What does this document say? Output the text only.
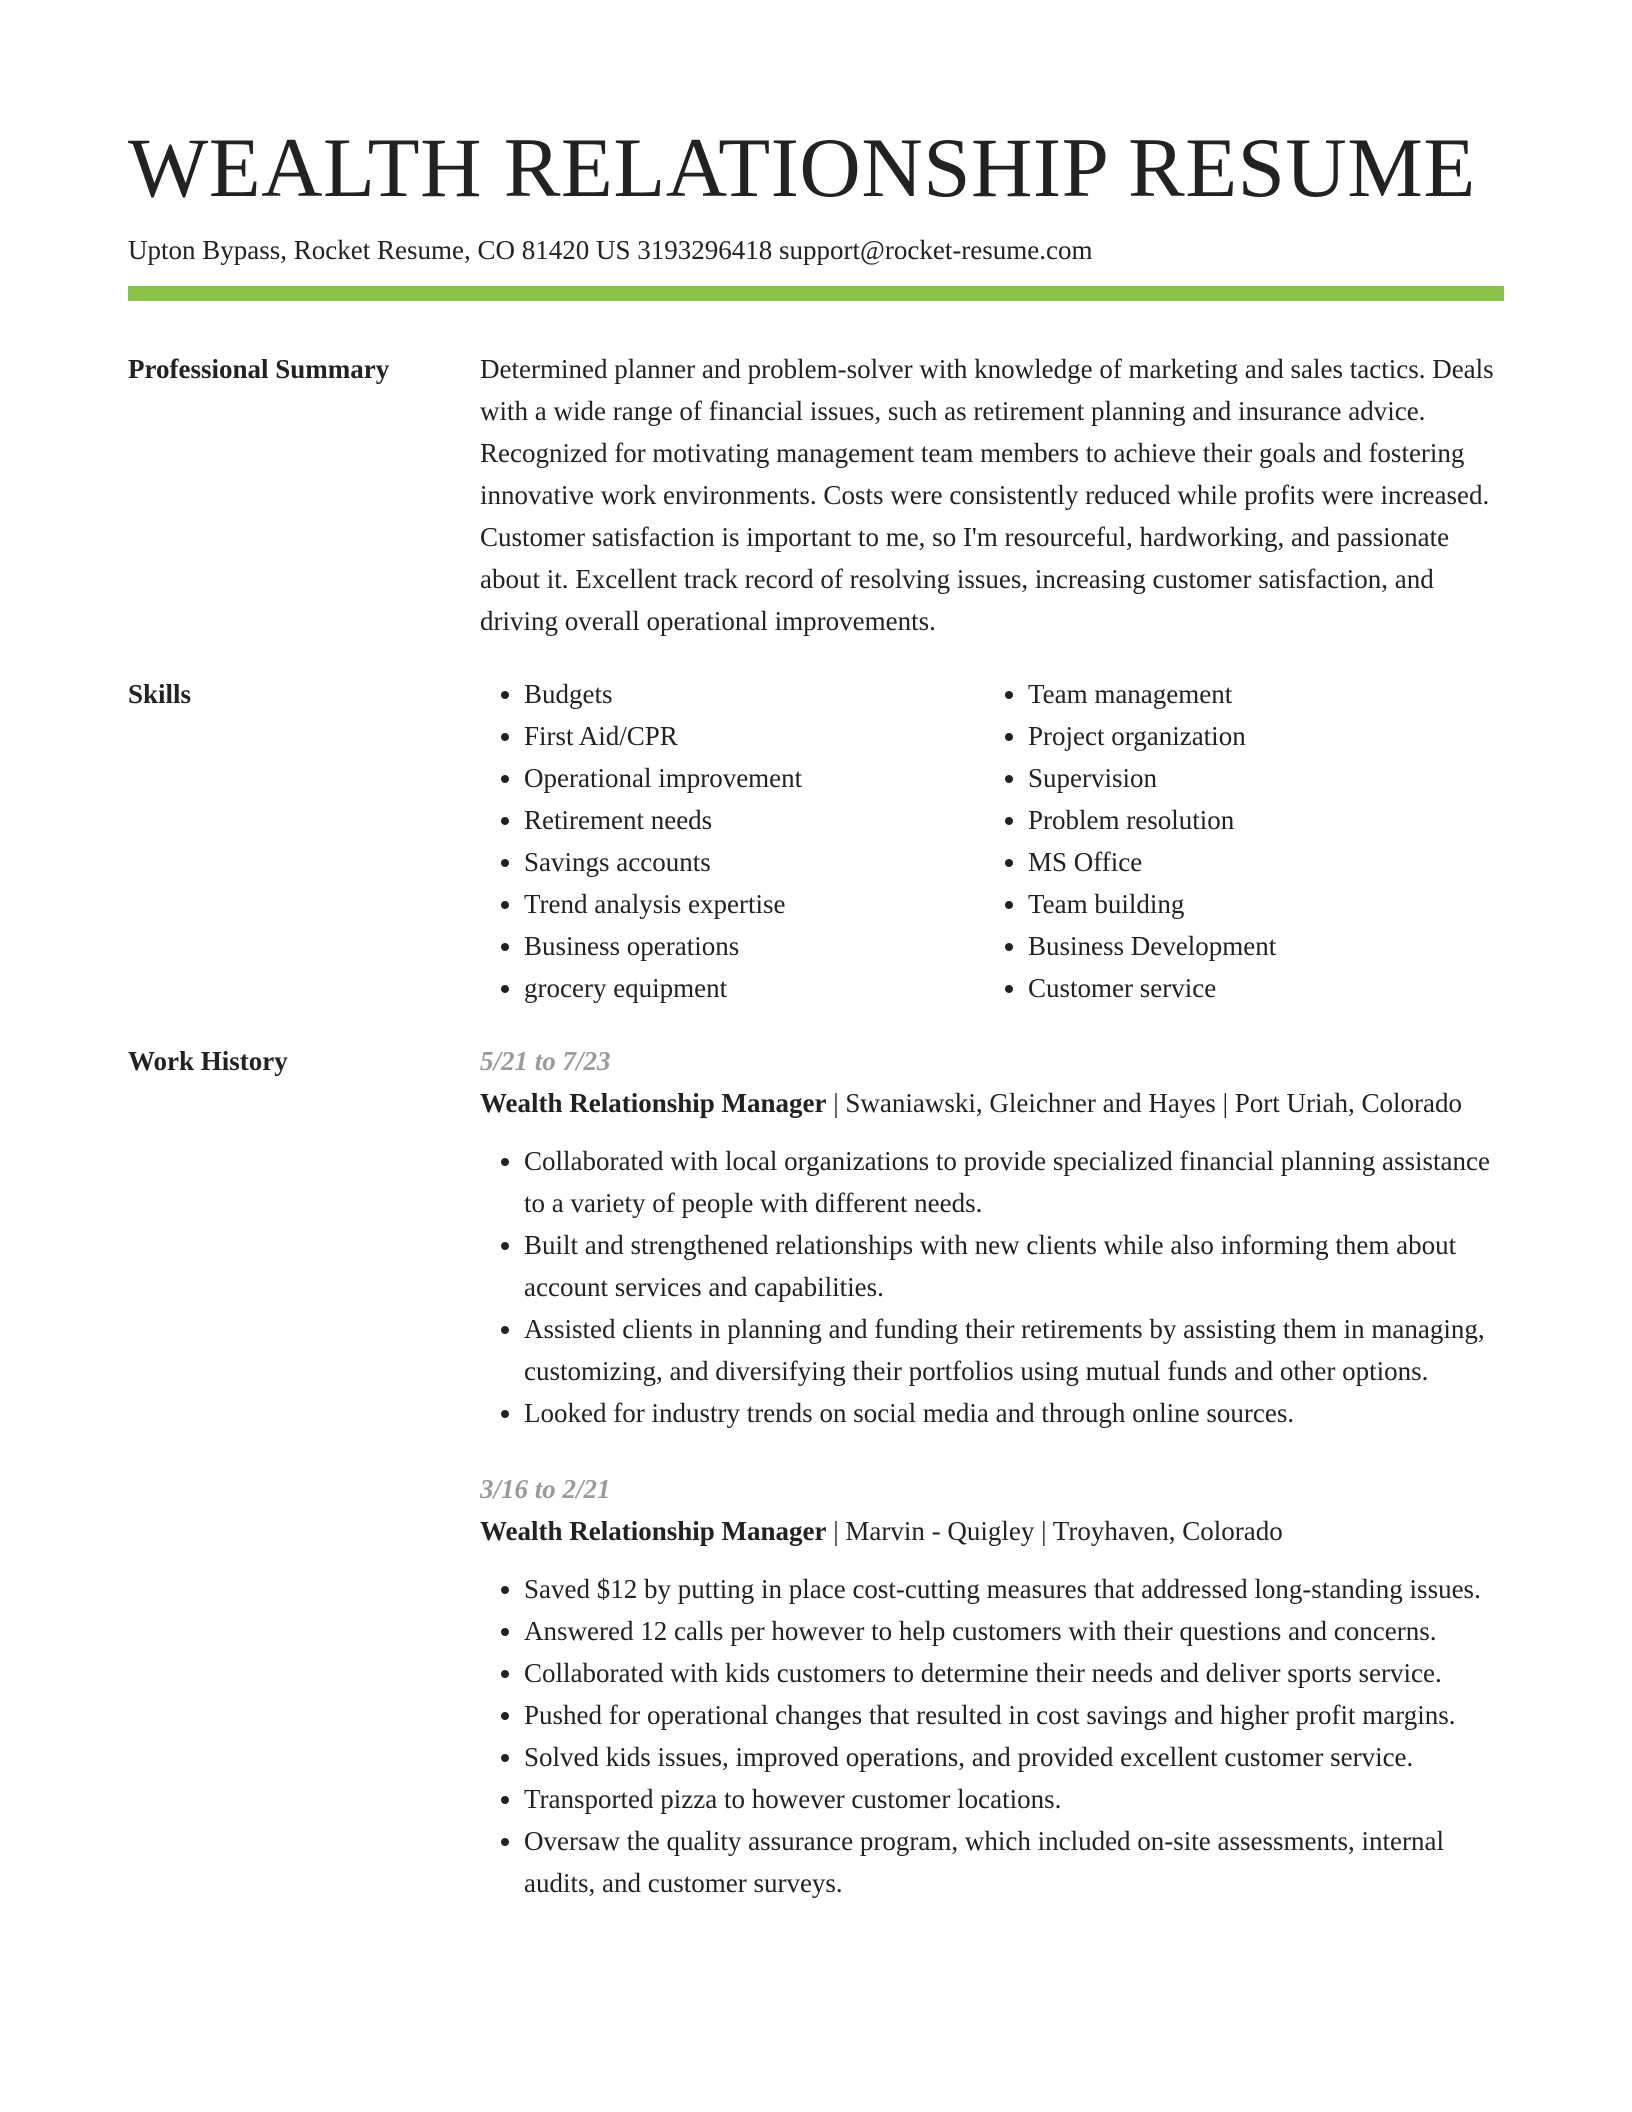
WEALTH RELATIONSHIP RESUME
Upton Bypass, Rocket Resume, CO 81420 US 3193296418 support@rocket-resume.com
Professional Summary	Determined planner and problem-solver with knowledge of marketing and sales tactics. Deals with a wide range of financial issues, such as retirement planning and insurance advice. Recognized for motivating management team members to achieve their goals and fostering innovative work environments. Costs were consistently reduced while profits were increased. Customer satisfaction is important to me, so I'm resourceful, hardworking, and passionate about it. Excellent track record of resolving issues, increasing customer satisfaction, and driving overall operational improvements.

Skills
•	Budgets
• First Aid/CPR
• Operational improvement
• Retirement needs
• Savings accounts
• Trend analysis expertise
• Business operations
• grocery equipment
• Team management
• Project organization
• Supervision
• Problem resolution
• MS Office
• Team building
• Business Development
• Customer service
Work History	5/21 to 7/23
Wealth Relationship Manager | Swaniawski, Gleichner and Hayes | Port Uriah, Colorado
• Collaborated with local organizations to provide specialized financial planning assistance to a variety of people with different needs.
• Built and strengthened relationships with new clients while also informing them about account services and capabilities.
• Assisted clients in planning and funding their retirements by assisting them in managing, customizing, and diversifying their portfolios using mutual funds and other options.
• Looked for industry trends on social media and through online sources.
3/16 to 2/21
Wealth Relationship Manager | Marvin - Quigley | Troyhaven, Colorado
• Saved $12 by putting in place cost-cutting measures that addressed long-standing issues.
• Answered 12 calls per however to help customers with their questions and concerns.
• Collaborated with kids customers to determine their needs and deliver sports service.
• Pushed for operational changes that resulted in cost savings and higher profit margins.
• Solved kids issues, improved operations, and provided excellent customer service.
• Transported pizza to however customer locations.
• Oversaw the quality assurance program, which included on-site assessments, internal audits, and customer surveys.
